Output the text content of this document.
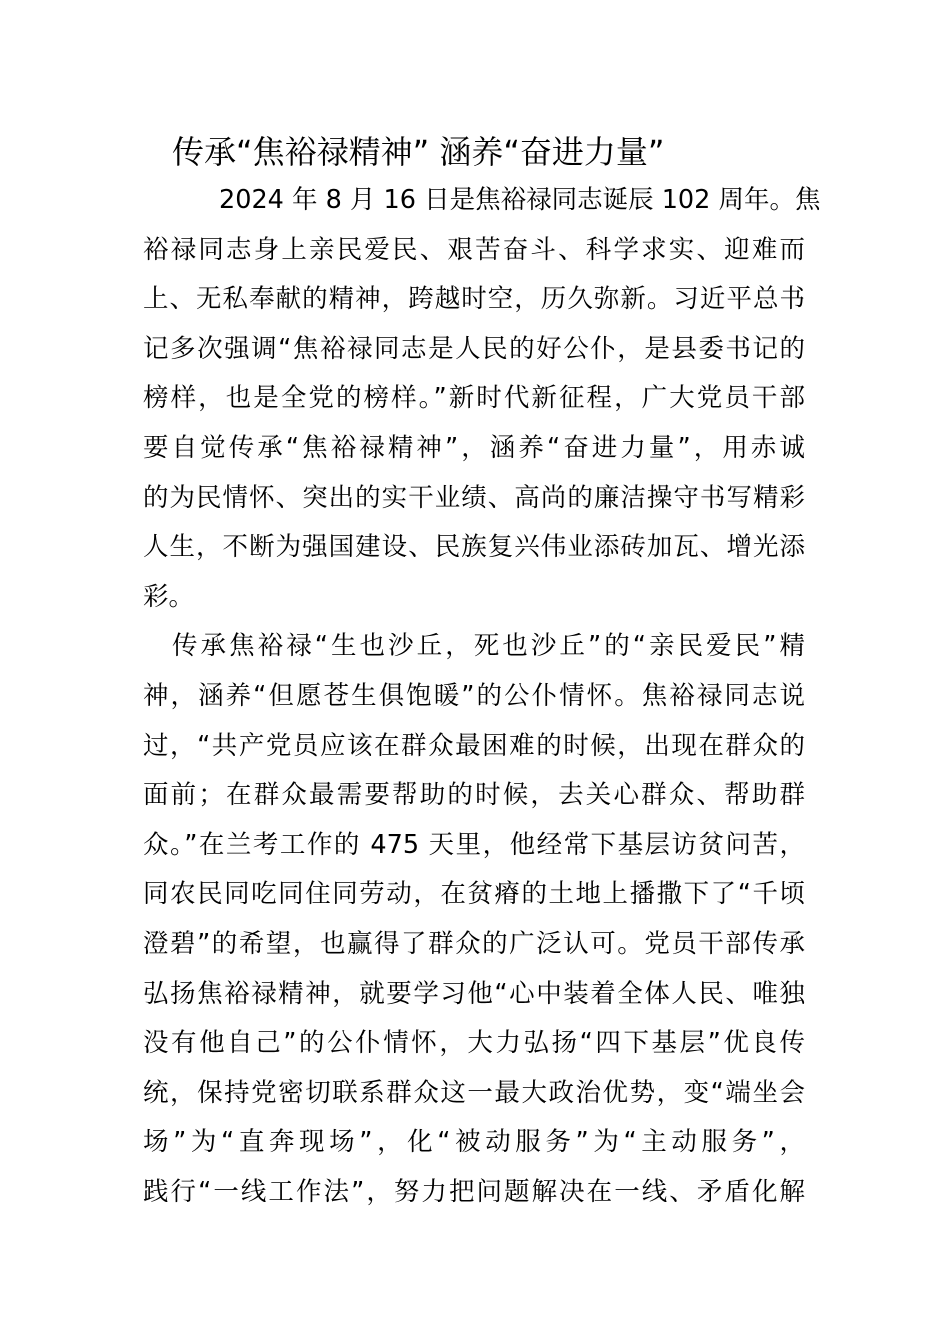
传承“焦裕禄精神” 涵养“奋进力量”
2024 年 8 月 16 日是焦裕禄同志诞辰 102 周年。焦
裕禄同志身上亲民爱民、艰苦奋斗、科学求实、迎难而
上、无私奉献的精神，跨越时空，历久弥新。习近平总书
记多次强调“焦裕禄同志是人民的好公仆，是县委书记的
榜样，也是全党的榜样。”新时代新征程，广大党员干部
要自觉传承“焦裕禄精神”，涵养“奋进力量”，用赤诚
的为民情怀、突出的实干业绩、高尚的廉洁操守书写精彩
人生，不断为强国建设、民族复兴伟业添砖加瓦、增光添
彩。
传承焦裕禄“生也沙丘，死也沙丘”的“亲民爱民”精
神，涵养“但愿苍生俱饱暖”的公仆情怀。焦裕禄同志说
过，“共产党员应该在群众最困难的时候，出现在群众的
面前；在群众最需要帮助的时候，去关心群众、帮助群
众。”在兰考工作的 475 天里，他经常下基层访贫问苦，
同农民同吃同住同劳动，在贫瘠的土地上播撒下了“千顷
澄碧”的希望，也赢得了群众的广泛认可。党员干部传承
弘扬焦裕禄精神，就要学习他“心中装着全体人民、唯独
没有他自己”的公仆情怀，大力弘扬“四下基层”优良传
统，保持党密切联系群众这一最大政治优势，变“端坐会
场”为“直奔现场”，化“被动服务”为“主动服务”，
践行“一线工作法”，努力把问题解决在一线、矛盾化解
